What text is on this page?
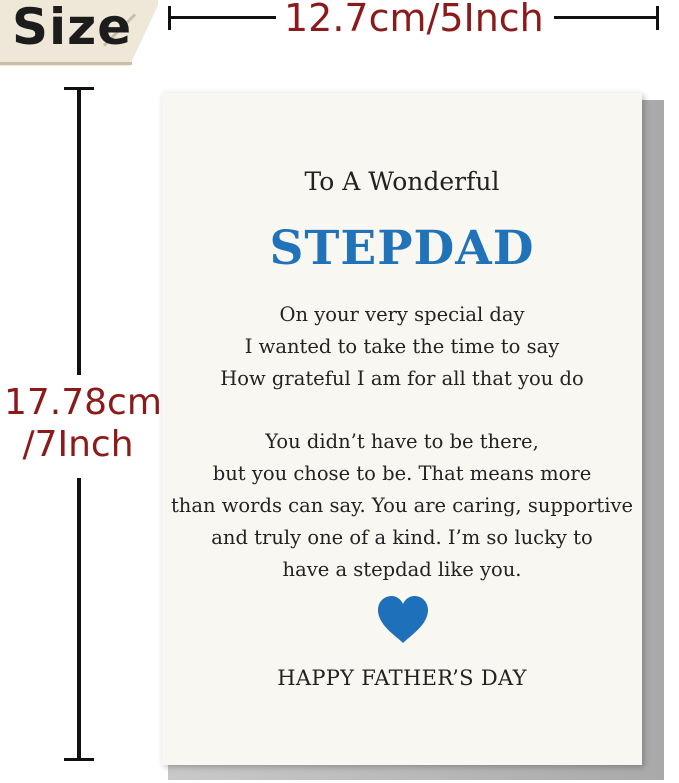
Size	12.7cm/5Inch
17.78cm
/7Inch
To A Wonderful
STEPDAD
On your very special day
I wanted to take the time to say
How grateful I am for all that you do
You didn’t have to be there,
but you chose to be. That means more
than words can say. You are caring, supportive
and truly one of a kind. I’m so lucky to
have a stepdad like you.
HAPPY FATHER’S DAY
